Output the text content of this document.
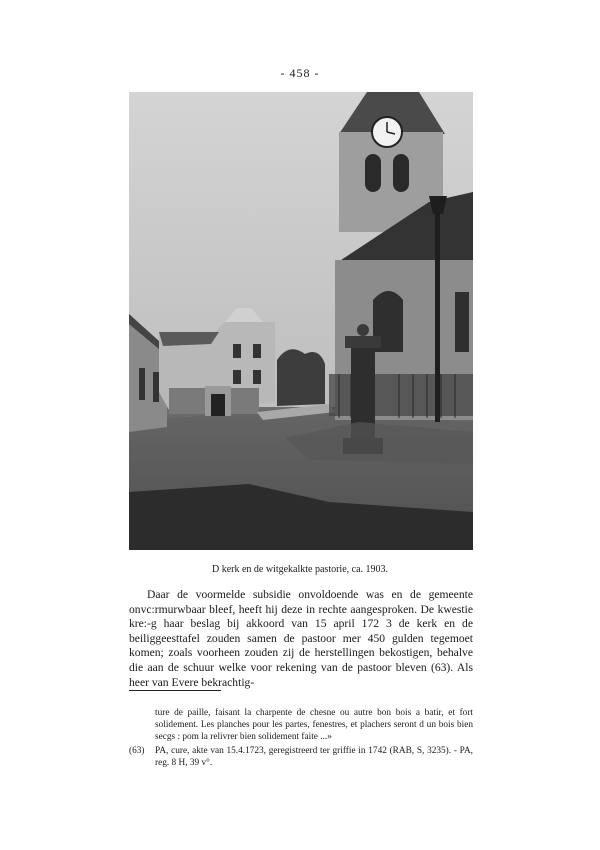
- 458 -
D kerk en de witgekalkte pastorie, ca. 1903.

Daar de voormelde subsidie onvoldoende was en de gemeente onvc:rmurwbaar bleef, heeft hij deze in rechte aangesproken. De kwestie kre:-g haar beslag bij akkoord van 15 april 172 3 de kerk en de beiliggeesttafel zouden samen de pastoor mer 450 gulden tegemoet komen; zoals voorheen zouden zij de herstellingen bekostigen, behalve die aan de schuur welke voor rekening van de pastoor bleven (63). Als heer van Evere bekrachtig-

ture de paille, faisant la charpente de chesne ou autre bon bois a batir, et fort solidement. Les planches pour les partes, fenestres, et plachers seront d un bois bien secgs : pom la relivrer bien solidement faite ...»

(63)	PA, cure, akte van 15.4.1723, geregistreerd ter griffie in 1742 (RAB, S, 3235). - PA, reg. 8 H, 39 v°.
